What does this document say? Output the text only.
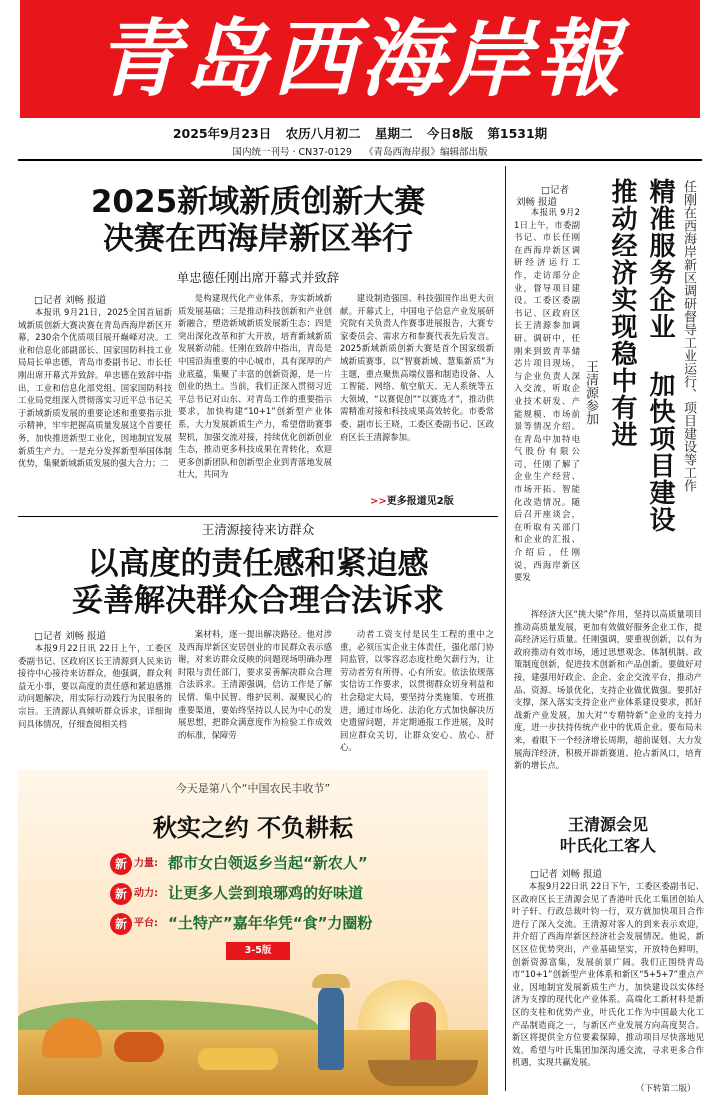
青岛西海岸報
2025年9月23日 农历八月初二 星期二 今日8版 第1531期
国内统一刊号 · CN37-0129 《青岛西海岸报》编辑部出版
2025新域新质创新大赛
决赛在西海岸新区举行
单忠德任刚出席开幕式并致辞
□记者 刘畅 报道

本报讯 9月21日，2025全国首届新域新质创新大赛决赛在青岛西海岸新区开幕，230余个优质项目展开巅峰对决。工业和信息化部副部长、国家国防科技工业局局长单忠德，青岛市委副书记、市长任刚出席开幕式并致辞。单忠德在致辞中指出，工业和信息化部党组、国家国防科技工业局党组深入贯彻落实习近平总书记关于新域新质发展的重要论述和重要指示批示精神，牢牢把握高质量发展这个首要任务，加快推进新型工业化，因地制宜发展新质生产力。一是充分发挥新型举国体制优势，集聚新域新质发展的强大合力；二

是构建现代化产业体系，夯实新域新质发展基础；三是推动科技创新和产业创新融合，塑造新域新质发展新生态；四是突出深化改革和扩大开放，培育新域新质发展新动能。任刚在致辞中指出，青岛是中国沿海重要的中心城市，具有深厚的产业底蕴，集聚了丰富的创新资源，是一片创业的热土。当前，我们正深入贯彻习近平总书记对山东、对青岛工作的重要指示要求，加快构建“10+1”创新型产业体系，大力发展新质生产力，希望借助赛事契机，加强交流对接，持续优化创新创业生态，推动更多科技成果在青转化，欢迎更多创新团队和创新型企业到青落地发展壮大，共同为

建设制造强国、科技强国作出更大贡献。开幕式上，中国电子信息产业发展研究院有关负责人作赛事进展报告，大赛专家委员会、需求方和参赛代表先后发言。2025新域新质创新大赛是首个国家级新域新质赛事，以“智赛新域、慧集新质”为主题，重点聚焦高端仪器和制造设备、人工智能、网络、航空航天、无人系统等五大领域，“以赛促创”“以赛选才”，推动供需精准对接和科技成果高效转化。市委常委、副市长王晓，工委区委副书记、区政府区长王清源参加。

>>更多报道见2版
王清源接待来访群众
以高度的责任感和紧迫感
妥善解决群众合理合法诉求
□记者 刘畅 报道

本报9月22日讯 22日上午，工委区委副书记、区政府区长王清源到人民来访接待中心接待来访群众，他强调，群众利益无小事，要以高度的责任感和紧迫感推动问题解决，用实际行动践行为民服务的宗旨。王清源认真倾听群众诉求，详细询问具体情况，仔细查阅相关档

案材料，逐一提出解决路径。他对涉及西海岸新区安居创业的市民群众表示感谢，对来访群众反映的问题现场明确办理时限与责任部门，要求妥善解决群众合理合法诉求。王清源强调，信访工作是了解民情、集中民智、维护民利、凝聚民心的重要渠道，要始终坚持以人民为中心的发展思想，把群众满意度作为检验工作成效的标准，保障劳

动者工资支付是民生工程的重中之重，必须压实企业主体责任，强化部门协同监管，以零容忍态度杜绝欠薪行为，让劳动者劳有所得、心有所安。依法依规落实信访工作要求，以贯彻群众切身利益和社会稳定大局，要坚持分类施策、专班推进，通过市场化、法治化方式加快解决历史遗留问题，并定期通报工作进展，及时回应群众关切，让群众安心、放心、舒心。

□记者
刘畅 报道

本报讯 9月21日上午，市委副书记、市长任刚在西海岸新区调研经济运行工作，走访部分企业，督导项目建设。工委区委副书记、区政府区长王清源参加调研。调研中，任刚来到致青莘储芯片项目现场，与企业负责人深入交流，听取企业技术研发、产能规模、市场前景等情况介绍。在青岛中加特电气股份有限公司，任刚了解了企业生产经营、市场开拓、智能化改造情况。随后召开座谈会，在听取有关部门和企业的汇报、介绍后，任刚说，西海岸新区要发

精准服务企业 加快项目建设
推动经济实现稳中有进	任刚在西海岸新区调研督导工业运行、项目建设等工作
王清源参加

挥经济大区“挑大梁”作用，坚持以高质量项目推动高质量发展，更加有效做好服务企业工作，提高经济运行质量。任刚强调，要重视创新，以有为政府推动有效市场，通过思想观念、体制机制、政策制度创新，促进技术创新和产品创新。要做好对接，建强用好政企、企企、金企交流平台，推动产品、资源、场景优化，支持企业做优做强。要抓好支撑，深入落实支持企业产业体系建设要求，抓好战新产业发展，加大对“专精特新”企业的支持力度，进一步扶持传统产业中的优质企业。要布局未来，着眼下一个经济增长周期，超前谋划、大力发展海洋经济，积极开辟新赛道、抢占新风口，培育新的增长点。

王清源会见
叶氏化工客人
□记者 刘畅 报道

本报9月22日讯 22日下午，工委区委副书记、区政府区长王清源会见了香港叶氏化工集团创始人叶子轩、行政总裁叶钧一行，双方就加快项目合作进行了深入交流。王清源对客人的到来表示欢迎，并介绍了西海岸新区经济社会发展情况。他说，新区区位优势突出，产业基础坚实，开放特色鲜明，创新资源富集，发展前景广阔。我们正围绕青岛市“10+1”创新型产业体系和新区“5+5+7”重点产业，因地制宜发展新质生产力，加快建设以实体经济为支撑的现代化产业体系。高端化工新材料是新区的支柱和优势产业，叶氏化工作为中国最大化工产品制造商之一，与新区产业发展方向高度契合。新区将提供全方位要素保障，推动项目尽快落地见效。希望与叶氏集团加深沟通交流，寻求更多合作机遇，实现共赢发展。

（下转第二版）
今天是第八个“中国农民丰收节”
秋实之约 不负耕耘
新 力量: 都市女白领返乡当起“新农人”
新 动力: 让更多人尝到琅琊鸡的好味道
新 平台: “土特产”嘉年华凭“食”力圈粉
3-5版
